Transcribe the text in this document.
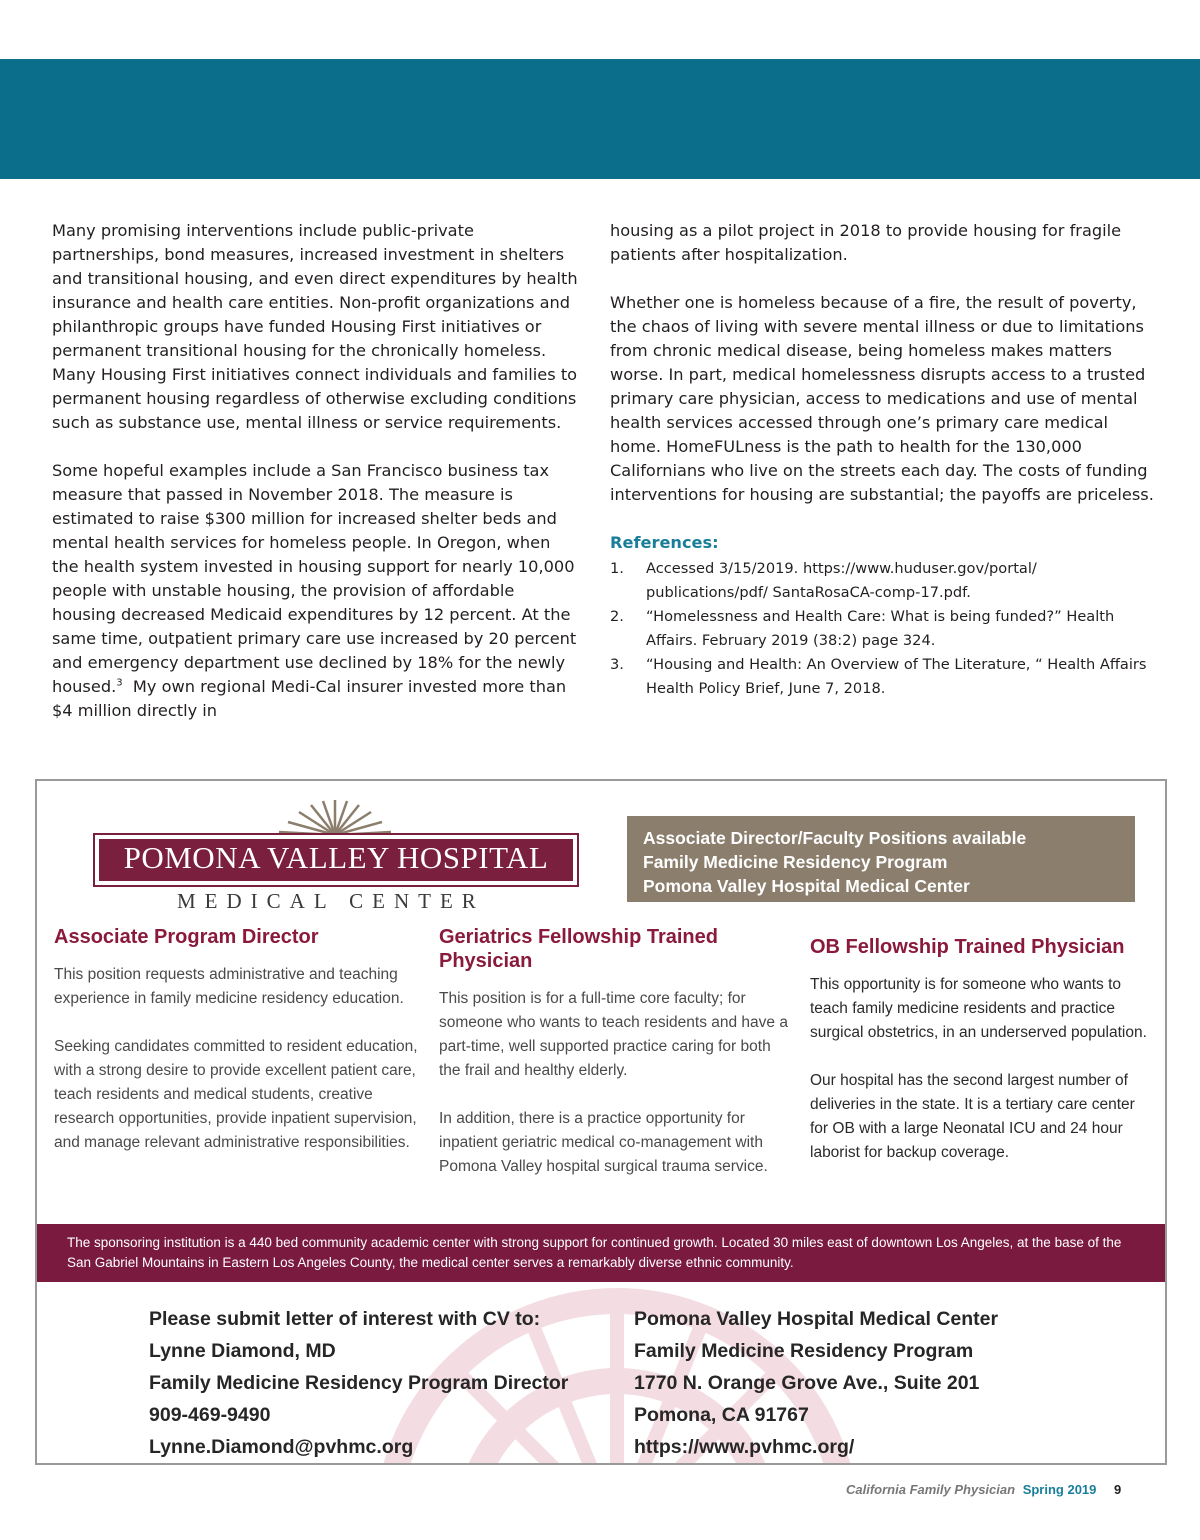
Many promising interventions include public-private partnerships, bond measures, increased investment in shelters and transitional housing, and even direct expenditures by health insurance and health care entities. Non-profit organizations and philanthropic groups have funded Housing First initiatives or permanent transitional housing for the chronically homeless. Many Housing First initiatives connect individuals and families to permanent housing regardless of otherwise excluding conditions such as substance use, mental illness or service requirements.

Some hopeful examples include a San Francisco business tax measure that passed in November 2018. The measure is estimated to raise $300 million for increased shelter beds and mental health services for homeless people. In Oregon, when the health system invested in housing support for nearly 10,000 people with unstable housing, the provision of affordable housing decreased Medicaid expenditures by 12 percent. At the same time, outpatient primary care use increased by 20 percent and emergency department use declined by 18% for the newly housed.$^3$ My own regional Medi-Cal insurer invested more than $4 million directly in

housing as a pilot project in 2018 to provide housing for fragile patients after hospitalization.

Whether one is homeless because of a fire, the result of poverty, the chaos of living with severe mental illness or due to limitations from chronic medical disease, being homeless makes matters worse. In part, medical homelessness disrupts access to a trusted primary care physician, access to medications and use of mental health services accessed through one’s primary care medical home. HomeFULness is the path to health for the 130,000 Californians who live on the streets each day. The costs of funding interventions for housing are substantial; the payoffs are priceless.

References:
1.	Accessed 3/15/2019. https://www.huduser.gov/portal/ publications/pdf/ SantaRosaCA-comp-17.pdf.
2.	“Homelessness and Health Care: What is being funded?” Health Affairs. February 2019 (38:2) page 324.
3.	“Housing and Health: An Overview of The Literature, “ Health Affairs Health Policy Brief, June 7, 2018.
POMONA VALLEY HOSPITAL
MEDICAL CENTER
Associate Director/Faculty Positions available
Family Medicine Residency Program
Pomona Valley Hospital Medical Center
Associate Program Director

This position requests administrative and teaching experience in family medicine residency education.

Seeking candidates committed to resident education, with a strong desire to provide excellent patient care, teach residents and medical students, creative research opportunities, provide inpatient supervision, and manage relevant administrative responsibilities.

Geriatrics Fellowship Trained Physician

This position is for a full-time core faculty; for someone who wants to teach residents and have a part-time, well supported practice caring for both the frail and healthy elderly.

In addition, there is a practice opportunity for inpatient geriatric medical co-management with Pomona Valley hospital surgical trauma service.

OB Fellowship Trained Physician

This opportunity is for someone who wants to teach family medicine residents and practice surgical obstetrics, in an underserved population.

Our hospital has the second largest number of deliveries in the state. It is a tertiary care center for OB with a large Neonatal ICU and 24 hour laborist for backup coverage.

The sponsoring institution is a 440 bed community academic center with strong support for continued growth. Located 30 miles east of downtown Los Angeles, at the base of the San Gabriel Mountains in Eastern Los Angeles County, the medical center serves a remarkably diverse ethnic community.
Please submit letter of interest with CV to:
Lynne Diamond, MD
Family Medicine Residency Program Director
909-469-9490
Lynne.Diamond@pvhmc.org
Pomona Valley Hospital Medical Center
Family Medicine Residency Program
1770 N. Orange Grove Ave., Suite 201
Pomona, CA 91767
https://www.pvhmc.org/
California Family Physician Spring 2019 9
